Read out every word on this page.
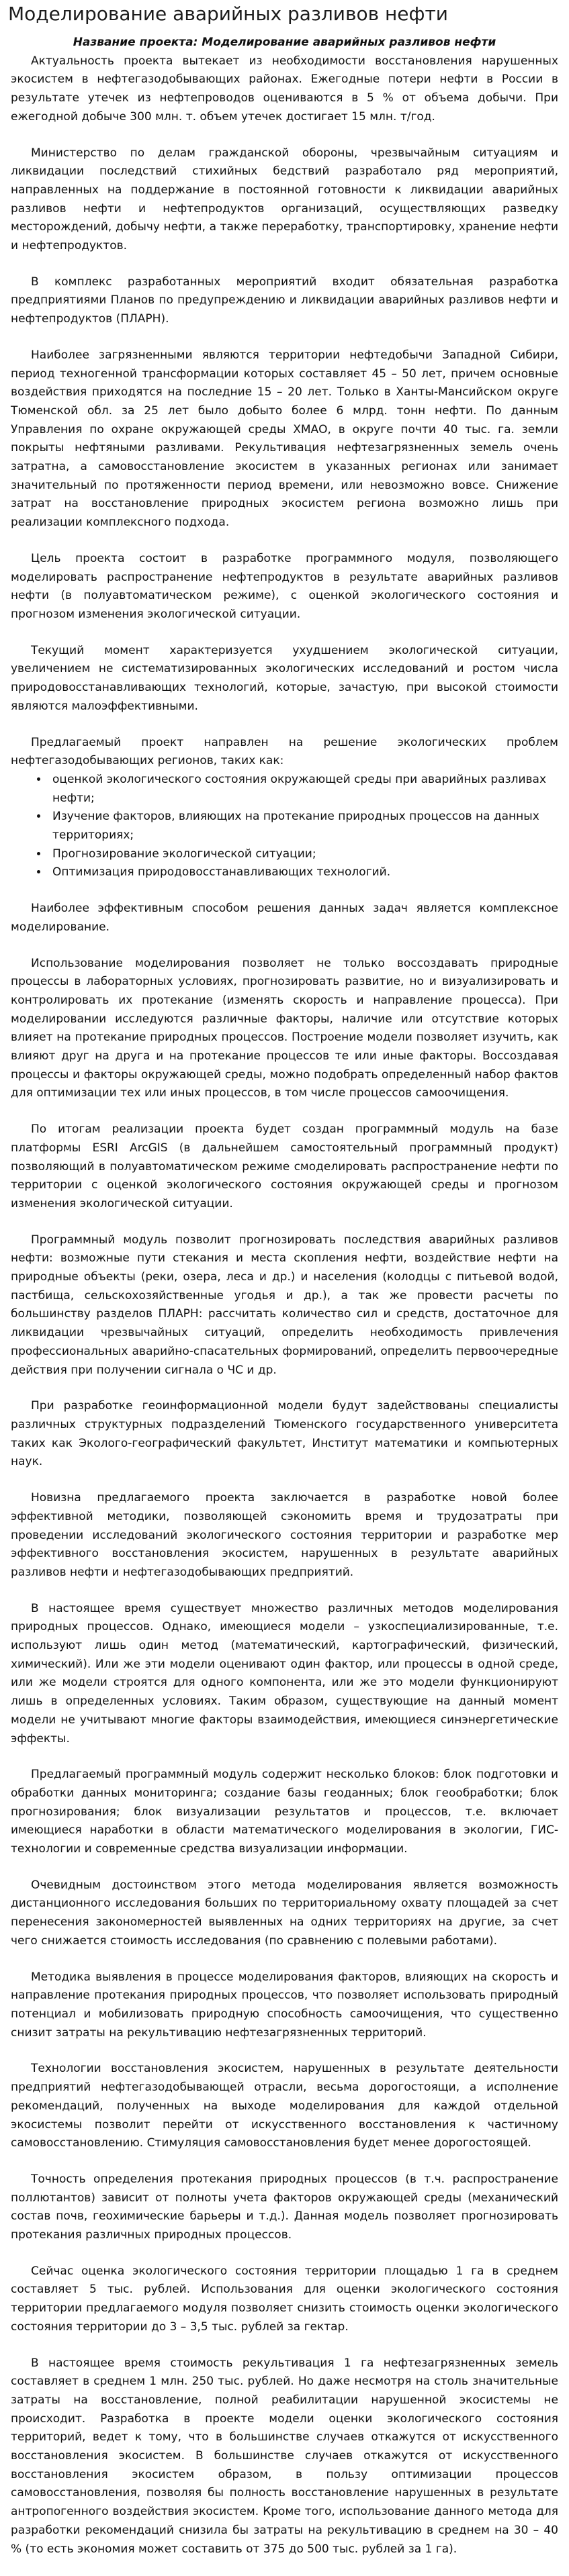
Моделирование аварийных разливов нефти

Название проекта: Моделирование аварийных разливов нефти

Актуальность проекта вытекает из необходимости восстановления нарушенных экосистем в нефтегазодобывающих районах. Ежегодные потери нефти в России в результате утечек из нефтепроводов оцениваются в 5 % от объема добычи. При ежегодной добыче 300 млн. т. объем утечек достигает 15 млн. т/год.

Министерство по делам гражданской обороны, чрезвычайным ситуациям и ликвидации последствий стихийных бедствий разработало ряд мероприятий, направленных на поддержание в постоянной готовности к ликвидации аварийных разливов нефти и нефтепродуктов организаций, осуществляющих разведку месторождений, добычу нефти, а также переработку, транспортировку, хранение нефти и нефтепродуктов.

В комплекс разработанных мероприятий входит обязательная разработка предприятиями Планов по предупреждению и ликвидации аварийных разливов нефти и нефтепродуктов (ПЛАРН).

Наиболее загрязненными являются территории нефтедобычи Западной Сибири, период техногенной трансформации которых составляет 45 – 50 лет, причем основные воздействия приходятся на последние 15 – 20 лет. Только в Ханты-Мансийском округе Тюменской обл. за 25 лет было добыто более 6 млрд. тонн нефти. По данным Управления по охране окружающей среды ХМАО, в округе почти 40 тыс. га. земли покрыты нефтяными разливами. Рекультивация нефтезагрязненных земель очень затратна, а самовосстановление экосистем в указанных регионах или занимает значительный по протяженности период времени, или невозможно вовсе. Снижение затрат на восстановление природных экосистем региона возможно лишь при реализации комплексного подхода.

Цель проекта состоит в разработке программного модуля, позволяющего моделировать распространение нефтепродуктов в результате аварийных разливов нефти (в полуавтоматическом режиме), с оценкой экологического состояния и прогнозом изменения экологической ситуации.

Текущий момент характеризуется ухудшением экологической ситуации, увеличением не систематизированных экологических исследований и ростом числа природовосстанавливающих технологий, которые, зачастую, при высокой стоимости являются малоэффективными.

Предлагаемый проект направлен на решение экологических проблем нефтегазодобывающих регионов, таких как:

• оценкой экологического состояния окружающей среды при аварийных разливах нефти;
• Изучение факторов, влияющих на протекание природных процессов на данных территориях;
• Прогнозирование экологической ситуации;
• Оптимизация природовосстанавливающих технологий.

Наиболее эффективным способом решения данных задач является комплексное моделирование.

Использование моделирования позволяет не только воссоздавать природные процессы в лабораторных условиях, прогнозировать развитие, но и визуализировать и контролировать их протекание (изменять скорость и направление процесса). При моделировании исследуются различные факторы, наличие или отсутствие которых влияет на протекание природных процессов. Построение модели позволяет изучить, как влияют друг на друга и на протекание процессов те или иные факторы. Воссоздавая процессы и факторы окружающей среды, можно подобрать определенный набор фактов для оптимизации тех или иных процессов, в том числе процессов самоочищения.

По итогам реализации проекта будет создан программный модуль на базе платформы ESRI ArcGIS (в дальнейшем самостоятельный программный продукт) позволяющий в полуавтоматическом режиме смоделировать распространение нефти по территории с оценкой экологического состояния окружающей среды и прогнозом изменения экологической ситуации.

Программный модуль позволит прогнозировать последствия аварийных разливов нефти: возможные пути стекания и места скопления нефти, воздействие нефти на природные объекты (реки, озера, леса и др.) и населения (колодцы с питьевой водой, пастбища, сельскохозяйственные угодья и др.), а так же провести расчеты по большинству разделов ПЛАРН: рассчитать количество сил и средств, достаточное для ликвидации чрезвычайных ситуаций, определить необходимость привлечения профессиональных аварийно-спасательных формирований, определить первоочередные действия при получении сигнала о ЧС и др.

При разработке геоинформационной модели будут задействованы специалисты различных структурных подразделений Тюменского государственного университета таких как Эколого-географический факультет, Институт математики и компьютерных наук.

Новизна предлагаемого проекта заключается в разработке новой более эффективной методики, позволяющей сэкономить время и трудозатраты при проведении исследований экологического состояния территории и разработке мер эффективного восстановления экосистем, нарушенных в результате аварийных разливов нефти и нефтегазодобывающих предприятий.

В настоящее время существует множество различных методов моделирования природных процессов. Однако, имеющиеся модели – узкоспециализированные, т.е. используют лишь один метод (математический, картографический, физический, химический). Или же эти модели оценивают один фактор, или процессы в одной среде, или же модели строятся для одного компонента, или же это модели функционируют лишь в определенных условиях. Таким образом, существующие на данный момент модели не учитывают многие факторы взаимодействия, имеющиеся синэнергетические эффекты.

Предлагаемый программный модуль содержит несколько блоков: блок подготовки и обработки данных мониторинга; создание базы геоданных; блок геообработки; блок прогнозирования; блок визуализации результатов и процессов, т.е. включает имеющиеся наработки в области математического моделирования в экологии, ГИС-технологии и современные средства визуализации информации.

Очевидным достоинством этого метода моделирования является возможность дистанционного исследования больших по территориальному охвату площадей за счет перенесения закономерностей выявленных на одних территориях на другие, за счет чего снижается стоимость исследования (по сравнению с полевыми работами).

Методика выявления в процессе моделирования факторов, влияющих на скорость и направление протекания природных процессов, что позволяет использовать природный потенциал и мобилизовать природную способность самоочищения, что существенно снизит затраты на рекультивацию нефтезагрязненных территорий.

Технологии восстановления экосистем, нарушенных в результате деятельности предприятий нефтегазодобывающей отрасли, весьма дорогостоящи, а исполнение рекомендаций, полученных на выходе моделирования для каждой отдельной экосистемы позволит перейти от искусственного восстановления к частичному самовосстановлению. Стимуляция самовосстановления будет менее дорогостоящей.

Точность определения протекания природных процессов (в т.ч. распространение поллютантов) зависит от полноты учета факторов окружающей среды (механический состав почв, геохимические барьеры и т.д.). Данная модель позволяет прогнозировать протекания различных природных процессов.

Сейчас оценка экологического состояния территории площадью 1 га в среднем составляет 5 тыс. рублей. Использования для оценки экологического состояния территории предлагаемого модуля позволяет снизить стоимость оценки экологического состояния территории до 3 – 3,5 тыс. рублей за гектар.

В настоящее время стоимость рекультивация 1 га нефтезагрязненных земель составляет в среднем 1 млн. 250 тыс. рублей. Но даже несмотря на столь значительные затраты на восстановление, полной реабилитации нарушенной экосистемы не происходит. Разработка в проекте модели оценки экологического состояния территорий, ведет к тому, что в большинстве случаев откажутся от искусственного восстановления экосистем. В большинстве случаев откажутся от искусственного восстановления экосистем образом, в пользу оптимизации процессов самовосстановления, позволяя бы полность восстановление нарушенных в результате антропогенного воздействия экосистем. Кроме того, использование данного метода для разработки рекомендаций снизила бы затраты на рекультивацию в среднем на 30 – 40 % (то есть экономия может составить от 375 до 500 тыс. рублей за 1 га).
